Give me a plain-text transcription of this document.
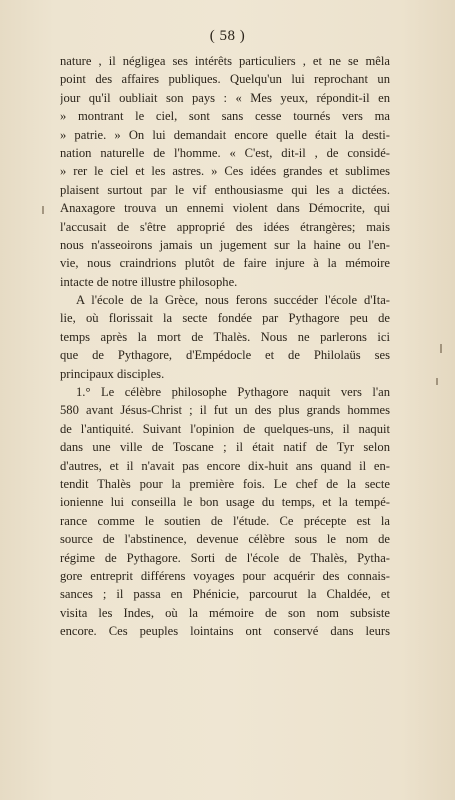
( 58 )
nature , il négligea ses intérêts particuliers , et ne se mêla
point des affaires publiques. Quelqu'un lui reprochant un
jour qu'il oubliait son pays : « Mes yeux, répondit-il en
» montrant le ciel, sont sans cesse tournés vers ma
» patrie. » On lui demandait encore quelle était la desti-
nation naturelle de l'homme. « C'est, dit-il , de considé-
» rer le ciel et les astres. » Ces idées grandes et sublimes
plaisent surtout par le vif enthousiasme qui les a dictées.
Anaxagore trouva un ennemi violent dans Démocrite, qui
l'accusait de s'être approprié des idées étrangères; mais
nous n'asseoirons jamais un jugement sur la haine ou l'en-
vie, nous craindrions plutôt de faire injure à la mémoire
intacte de notre illustre philosophe.
A l'école de la Grèce, nous ferons succéder l'école d'Ita-
lie, où florissait la secte fondée par Pythagore peu de
temps après la mort de Thalès. Nous ne parlerons ici
que de Pythagore, d'Empédocle et de Philolaüs ses
principaux disciples.
1.° Le célèbre philosophe Pythagore naquit vers l'an
580 avant Jésus-Christ ; il fut un des plus grands hommes
de l'antiquité. Suivant l'opinion de quelques-uns, il naquit
dans une ville de Toscane ; il était natif de Tyr selon
d'autres, et il n'avait pas encore dix-huit ans quand il en-
tendit Thalès pour la première fois. Le chef de la secte
ionienne lui conseilla le bon usage du temps, et la tempé-
rance comme le soutien de l'étude. Ce précepte est la
source de l'abstinence, devenue célèbre sous le nom de
régime de Pythagore. Sorti de l'école de Thalès, Pytha-
gore entreprit différens voyages pour acquérir des connais-
sances ; il passa en Phénicie, parcourut la Chaldée, et
visita les Indes, où la mémoire de son nom subsiste
encore. Ces peuples lointains ont conservé dans leurs
